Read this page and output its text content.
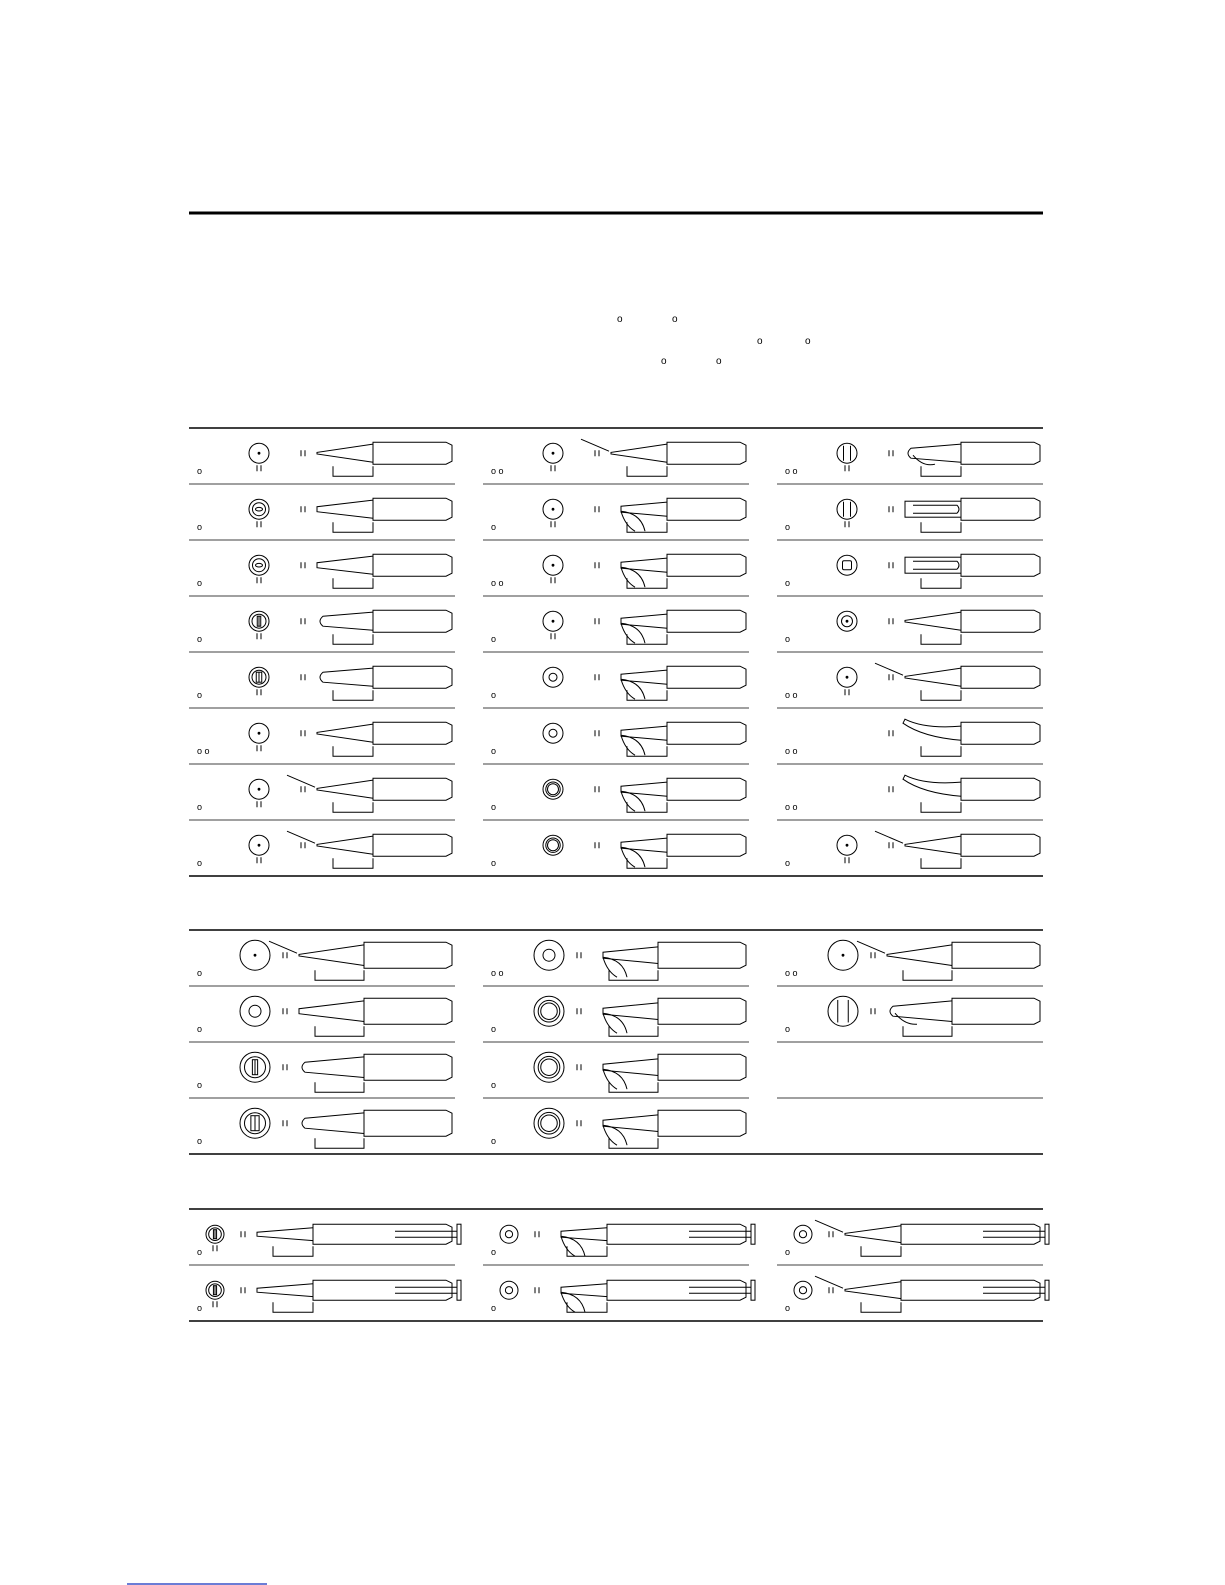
o	o
o	o
o	o
o
o
o
o
o
o o
o
o
o o
o
o o
o
o
o
o
o
o o
o
o
o
o o
o o
o o
o
o
o
o
o
o o
o
o
o
o o
o
o
o
o
o
o
o
